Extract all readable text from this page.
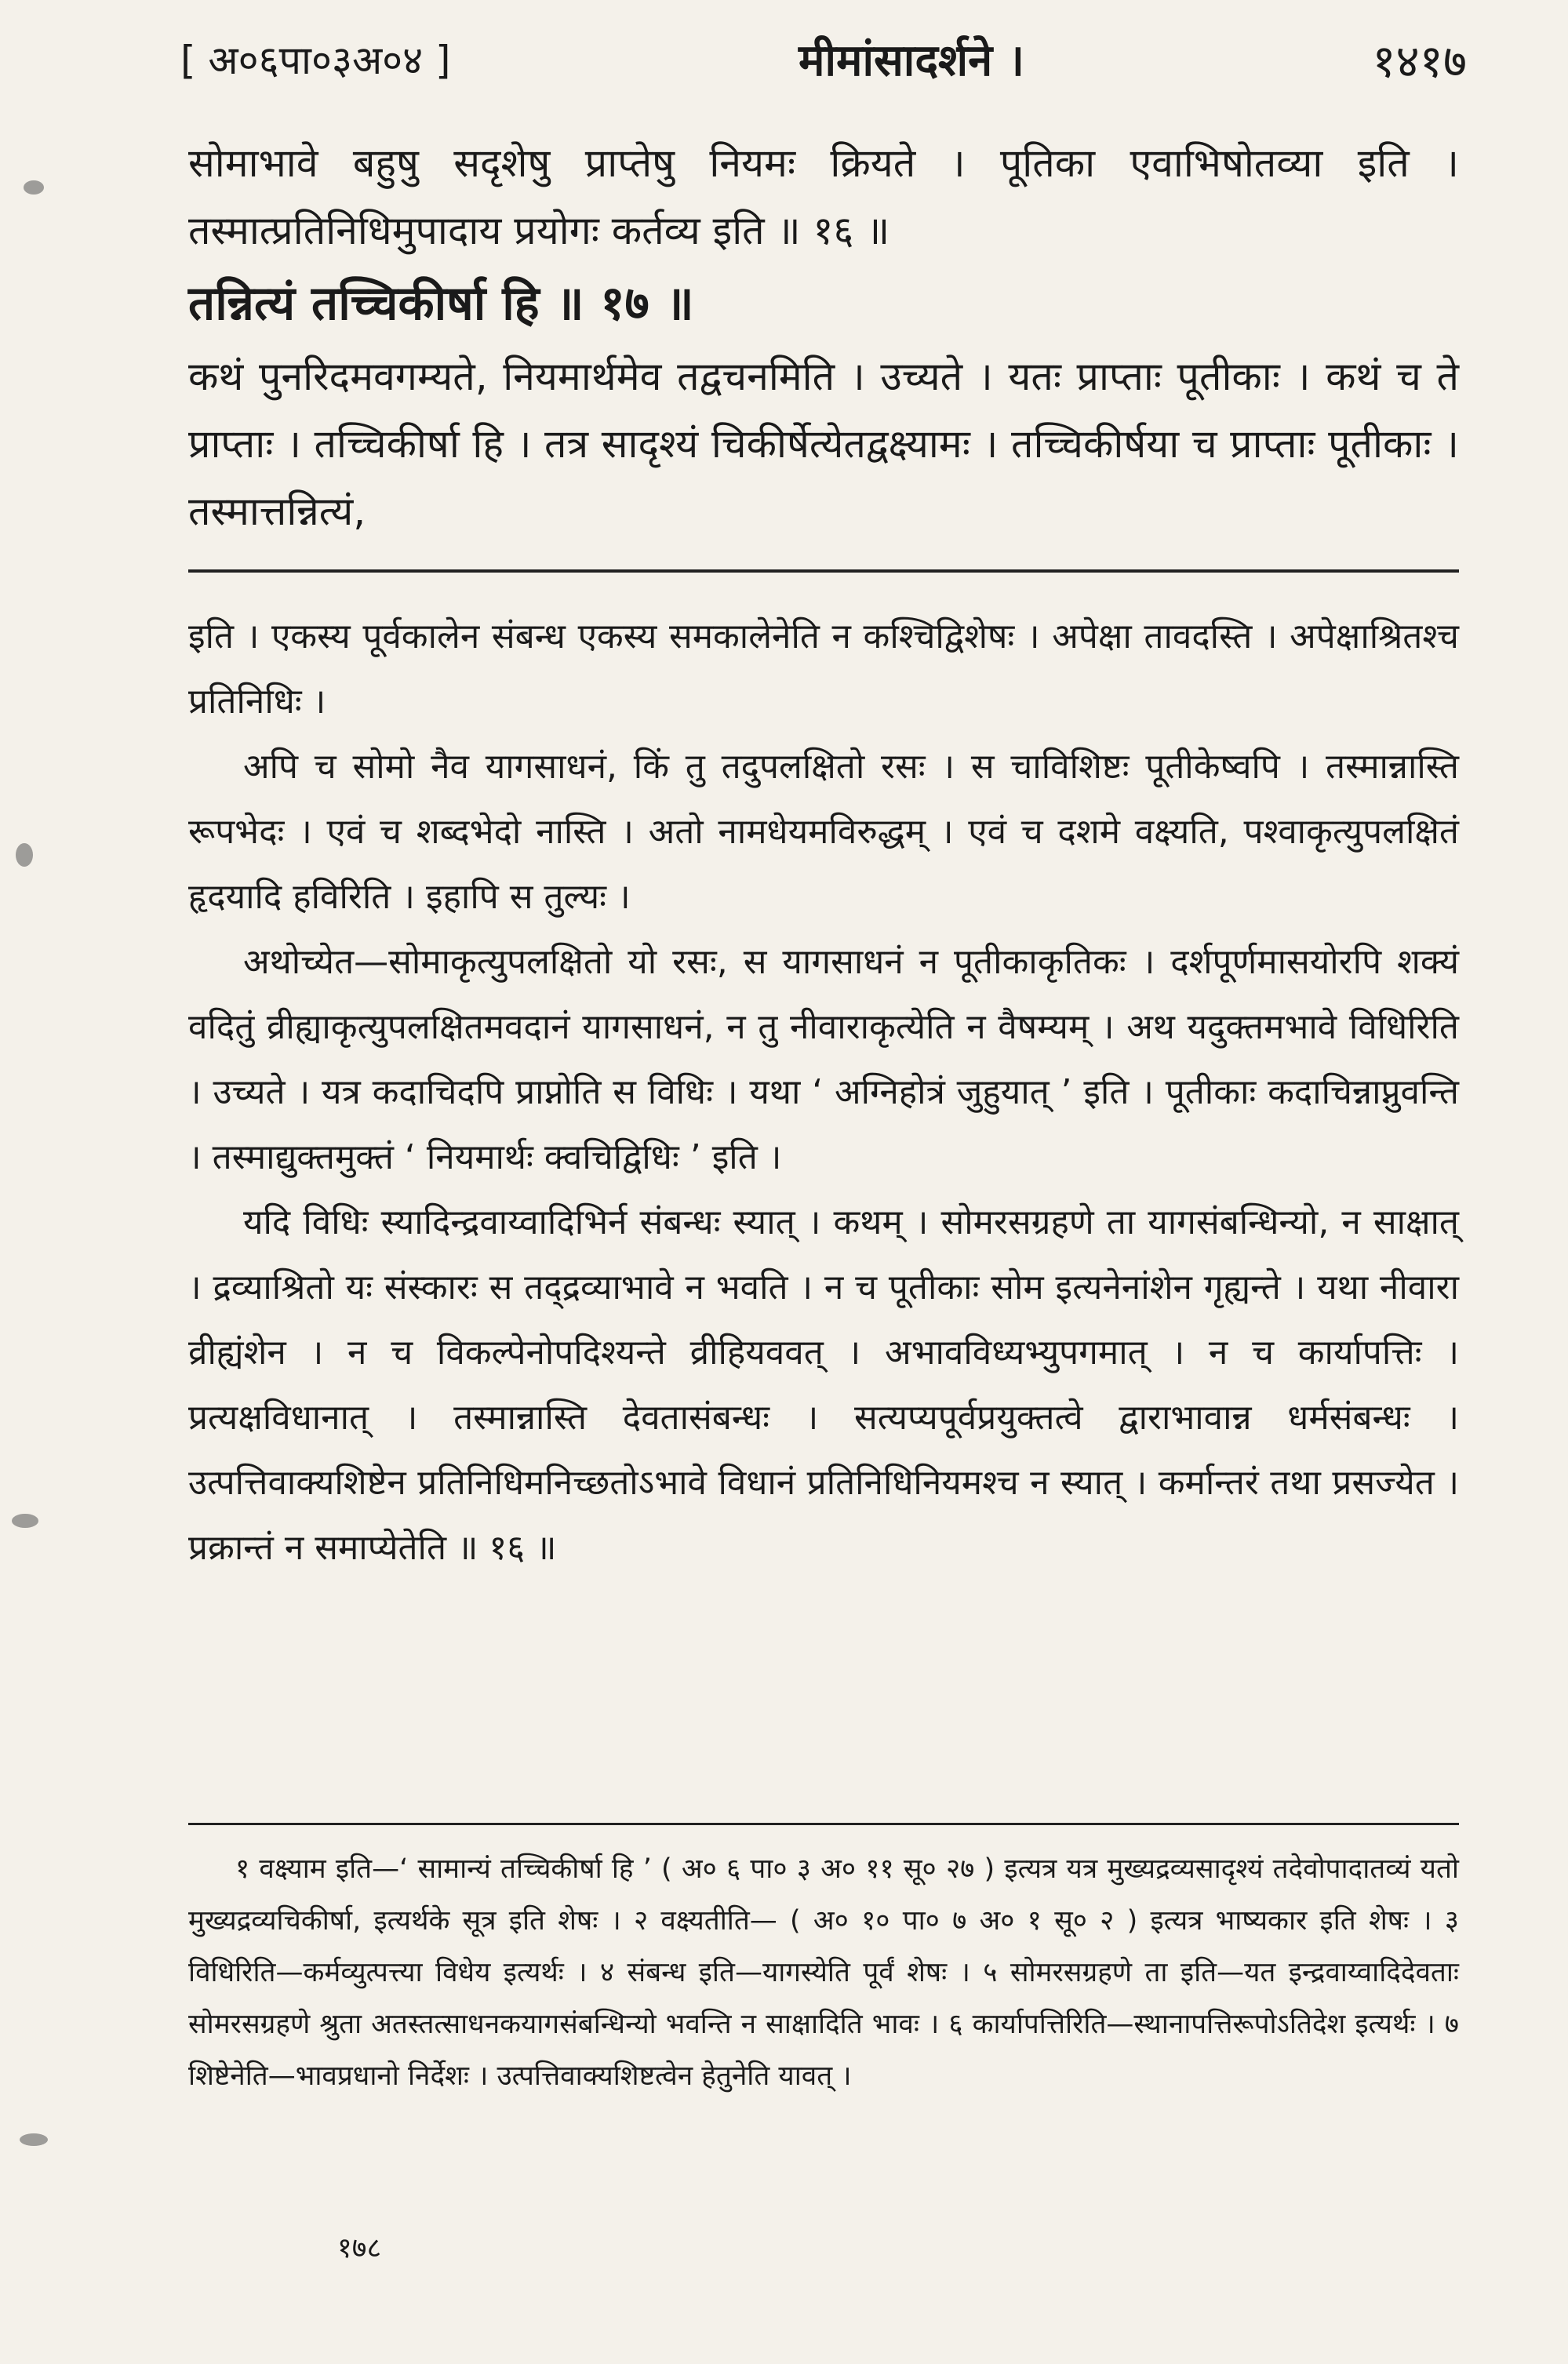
[ अ०६पा०३अ०४ ]	मीमांसादर्शने ।	१४१७

सोमाभावे बहुषु सदृशेषु प्राप्तेषु नियमः क्रियते । पूतिका एवाभिषोतव्या इति । तस्मात्प्रतिनिधिमुपादाय प्रयोगः कर्तव्य इति ॥ १६ ॥

तन्नित्यं तच्चिकीर्षा हि ॥ १७ ॥

कथं पुनरिदमवगम्यते, नियमार्थमेव तद्वचनमिति । उच्यते । यतः प्राप्ताः पूतीकाः । कथं च ते प्राप्ताः । तच्चिकीर्षा हि । तत्र सादृश्यं चिकीर्षेत्येतद्वक्ष्यामः । तच्चिकीर्षया च प्राप्ताः पूतीकाः । तस्मात्तन्नित्यं,

इति । एकस्य पूर्वकालेन संबन्ध एकस्य समकालेनेति न कश्चिद्विशेषः । अपेक्षा तावदस्ति । अपेक्षाश्रितश्च प्रतिनिधिः ।

अपि च सोमो नैव यागसाधनं, किं तु तदुपलक्षितो रसः । स चाविशिष्टः पूतीकेष्वपि । तस्मान्नास्ति रूपभेदः । एवं च शब्दभेदो नास्ति । अतो नामधेयमविरुद्धम् । एवं च दशमे वक्ष्यति, पश्वाकृत्युपलक्षितं हृदयादि हविरिति । इहापि स तुल्यः ।

अथोच्येत—सोमाकृत्युपलक्षितो यो रसः, स यागसाधनं न पूतीकाकृतिकः । दर्शपूर्णमासयोरपि शक्यं वदितुं व्रीह्याकृत्युपलक्षितमवदानं यागसाधनं, न तु नीवाराकृत्येति न वैषम्यम् । अथ यदुक्तमभावे विधिरिति । उच्यते । यत्र कदाचिदपि प्राप्नोति स विधिः । यथा ‘ अग्निहोत्रं जुहुयात् ’ इति । पूतीकाः कदाचिन्नाप्नुवन्ति । तस्माद्युक्तमुक्तं ‘ नियमार्थः क्वचिद्विधिः ’ इति ।

यदि विधिः स्यादिन्द्रवाय्वादिभिर्न संबन्धः स्यात् । कथम् । सोमरसग्रहणे ता यागसंबन्धिन्यो, न साक्षात् । द्रव्याश्रितो यः संस्कारः स तद्द्रव्याभावे न भवति । न च पूतीकाः सोम इत्यनेनांशेन गृह्यन्ते । यथा नीवारा व्रीह्यंशेन । न च विकल्पेनोपदिश्यन्ते व्रीहियववत् । अभावविध्यभ्युपगमात् । न च कार्यापत्तिः । प्रत्यक्षविधानात् । तस्मान्नास्ति देवतासंबन्धः । सत्यप्यपूर्वप्रयुक्तत्वे द्वाराभावान्न धर्मसंबन्धः । उत्पत्तिवाक्यशिष्टेन प्रतिनिधिमनिच्छतोऽभावे विधानं प्रतिनिधिनियमश्च न स्यात् । कर्मान्तरं तथा प्रसज्येत । प्रक्रान्तं न समाप्येतेति ॥ १६ ॥

१ वक्ष्याम इति—‘ सामान्यं तच्चिकीर्षा हि ’ ( अ० ६ पा० ३ अ० ११ सू० २७ ) इत्यत्र यत्र मुख्यद्रव्यसादृश्यं तदेवोपादातव्यं यतो मुख्यद्रव्यचिकीर्षा, इत्यर्थके सूत्र इति शेषः । २ वक्ष्यतीति— ( अ० १० पा० ७ अ० १ सू० २ ) इत्यत्र भाष्यकार इति शेषः । ३ विधिरिति—कर्मव्युत्पत्त्या विधेय इत्यर्थः । ४ संबन्ध इति—यागस्येति पूर्वं शेषः । ५ सोमरसग्रहणे ता इति—यत इन्द्रवाय्वादिदेवताः सोमरसग्रहणे श्रुता अतस्तत्साधनकयागसंबन्धिन्यो भवन्ति न साक्षादिति भावः । ६ कार्यापत्तिरिति—स्थानापत्तिरूपोऽतिदेश इत्यर्थः । ७ शिष्टेनेति—भावप्रधानो निर्देशः । उत्पत्तिवाक्यशिष्टत्वेन हेतुनेति यावत् ।

१७८
